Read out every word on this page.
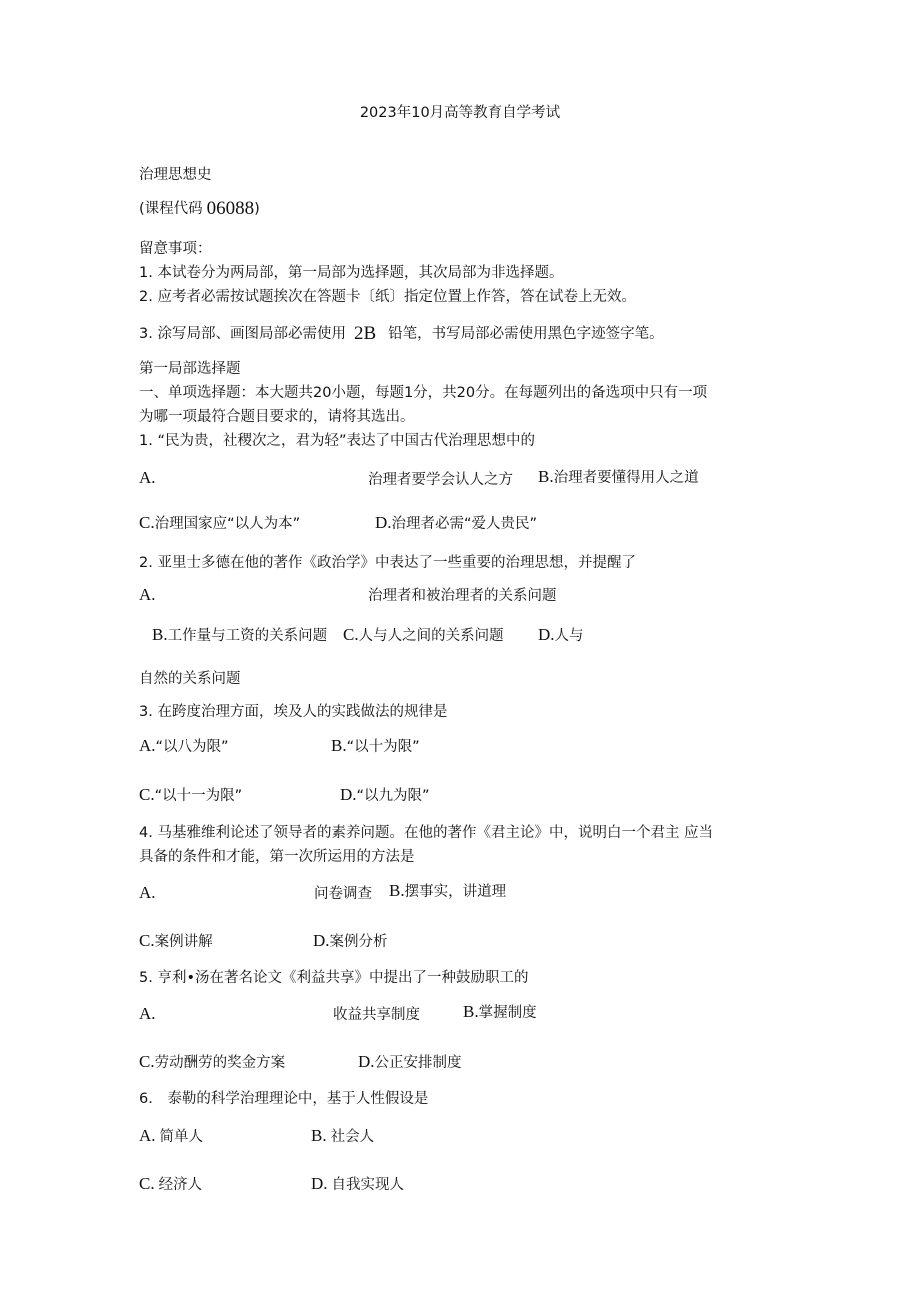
2023年10月高等教育自学考试
治理思想史
(课程代码 06088)
留意事项：
1. 本试卷分为两局部，第一局部为选择题，其次局部为非选择题。
2. 应考者必需按试题挨次在答题卡〔纸〕指定位置上作答，答在试卷上无效。
3. 涂写局部、画图局部必需使用 2B 铅笔，书写局部必需使用黑色字迹签字笔。
第一局部选择题
一、单项选择题：本大题共20小题，每题1分，共20分。在每题列出的备选项中只有一项
为哪一项最符合题目要求的，请将其选出。
1. “民为贵，社稷次之，君为轻”表达了中国古代治理思想中的
A.	治理者要学会认人之方 B.治理者要懂得用人之道
C.治理国家应“以人为本”	D.治理者必需“爱人贵民”
2. 亚里士多德在他的著作《政治学》中表达了一些重要的治理思想，并提醒了
A.	治理者和被治理者的关系问题
B.工作量与工资的关系问题 C.人与人之间的关系问题 D.人与
自然的关系问题
3. 在跨度治理方面，埃及人的实践做法的规律是
A.“以八为限”	B.“以十为限”
C.“以十一为限”	D.“以九为限”
4. 马基雅维利论述了领导者的素养问题。在他的著作《君主论》中，说明白一个君主 应当
具备的条件和才能，第一次所运用的方法是
A.	问卷调查 B.摆事实，讲道理
C.案例讲解	D.案例分析
5. 亨利•汤在著名论文《利益共享》中提出了一种鼓励职工的
A.	收益共享制度	B.掌握制度
C.劳动酬劳的奖金方案	D.公正安排制度
6.　泰勒的科学治理理论中，基于人性假设是
A. 简单人	B. 社会人
C. 经济人	D. 自我实现人
